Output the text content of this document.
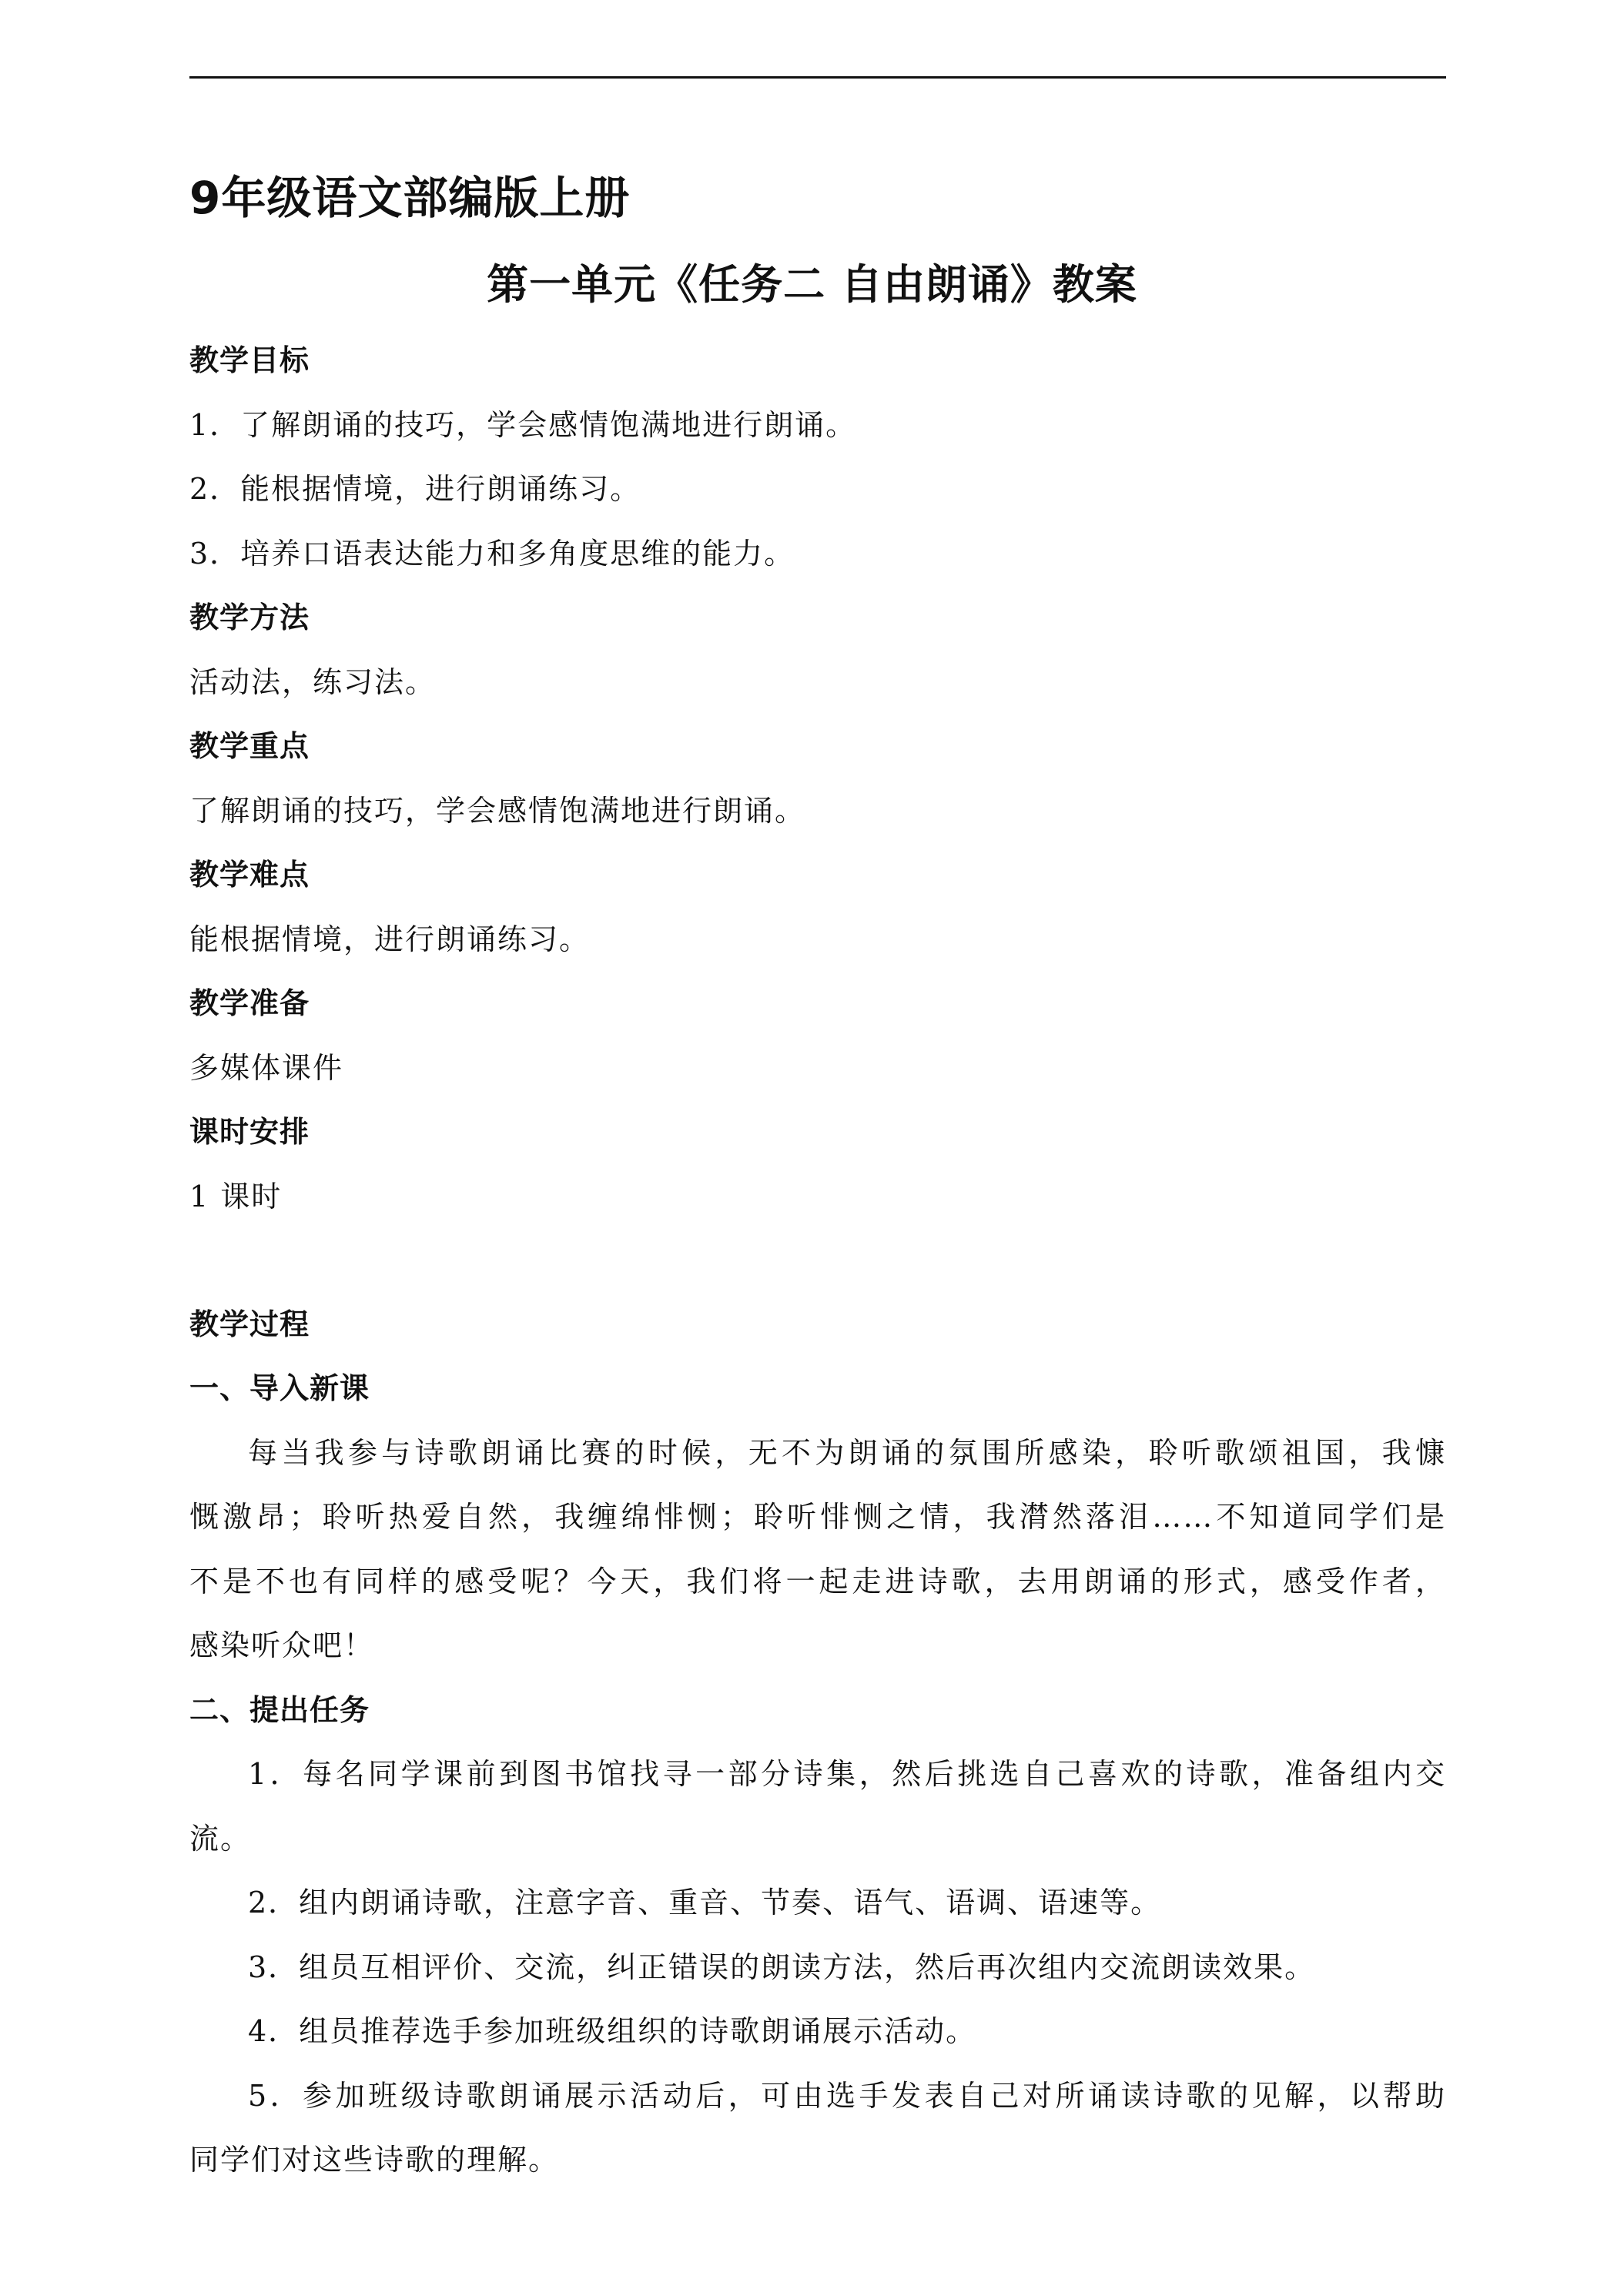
9年级语文部编版上册
第一单元《任务二 自由朗诵》教案
教学目标
1．了解朗诵的技巧，学会感情饱满地进行朗诵。
2．能根据情境，进行朗诵练习。
3．培养口语表达能力和多角度思维的能力。
教学方法
活动法，练习法。
教学重点
了解朗诵的技巧，学会感情饱满地进行朗诵。
教学难点
能根据情境，进行朗诵练习。
教学准备
多媒体课件
课时安排
1 课时
教学过程
一、导入新课
每当我参与诗歌朗诵比赛的时候，无不为朗诵的氛围所感染，聆听歌颂祖国，我慷
慨激昂；聆听热爱自然，我缠绵悱恻；聆听悱恻之情，我潸然落泪……不知道同学们是
不是不也有同样的感受呢？今天，我们将一起走进诗歌，去用朗诵的形式，感受作者，
感染听众吧！
二、提出任务
1．每名同学课前到图书馆找寻一部分诗集，然后挑选自己喜欢的诗歌，准备组内交
流。
2．组内朗诵诗歌，注意字音、重音、节奏、语气、语调、语速等。
3．组员互相评价、交流，纠正错误的朗读方法，然后再次组内交流朗读效果。
4．组员推荐选手参加班级组织的诗歌朗诵展示活动。
5．参加班级诗歌朗诵展示活动后，可由选手发表自己对所诵读诗歌的见解，以帮助
同学们对这些诗歌的理解。
